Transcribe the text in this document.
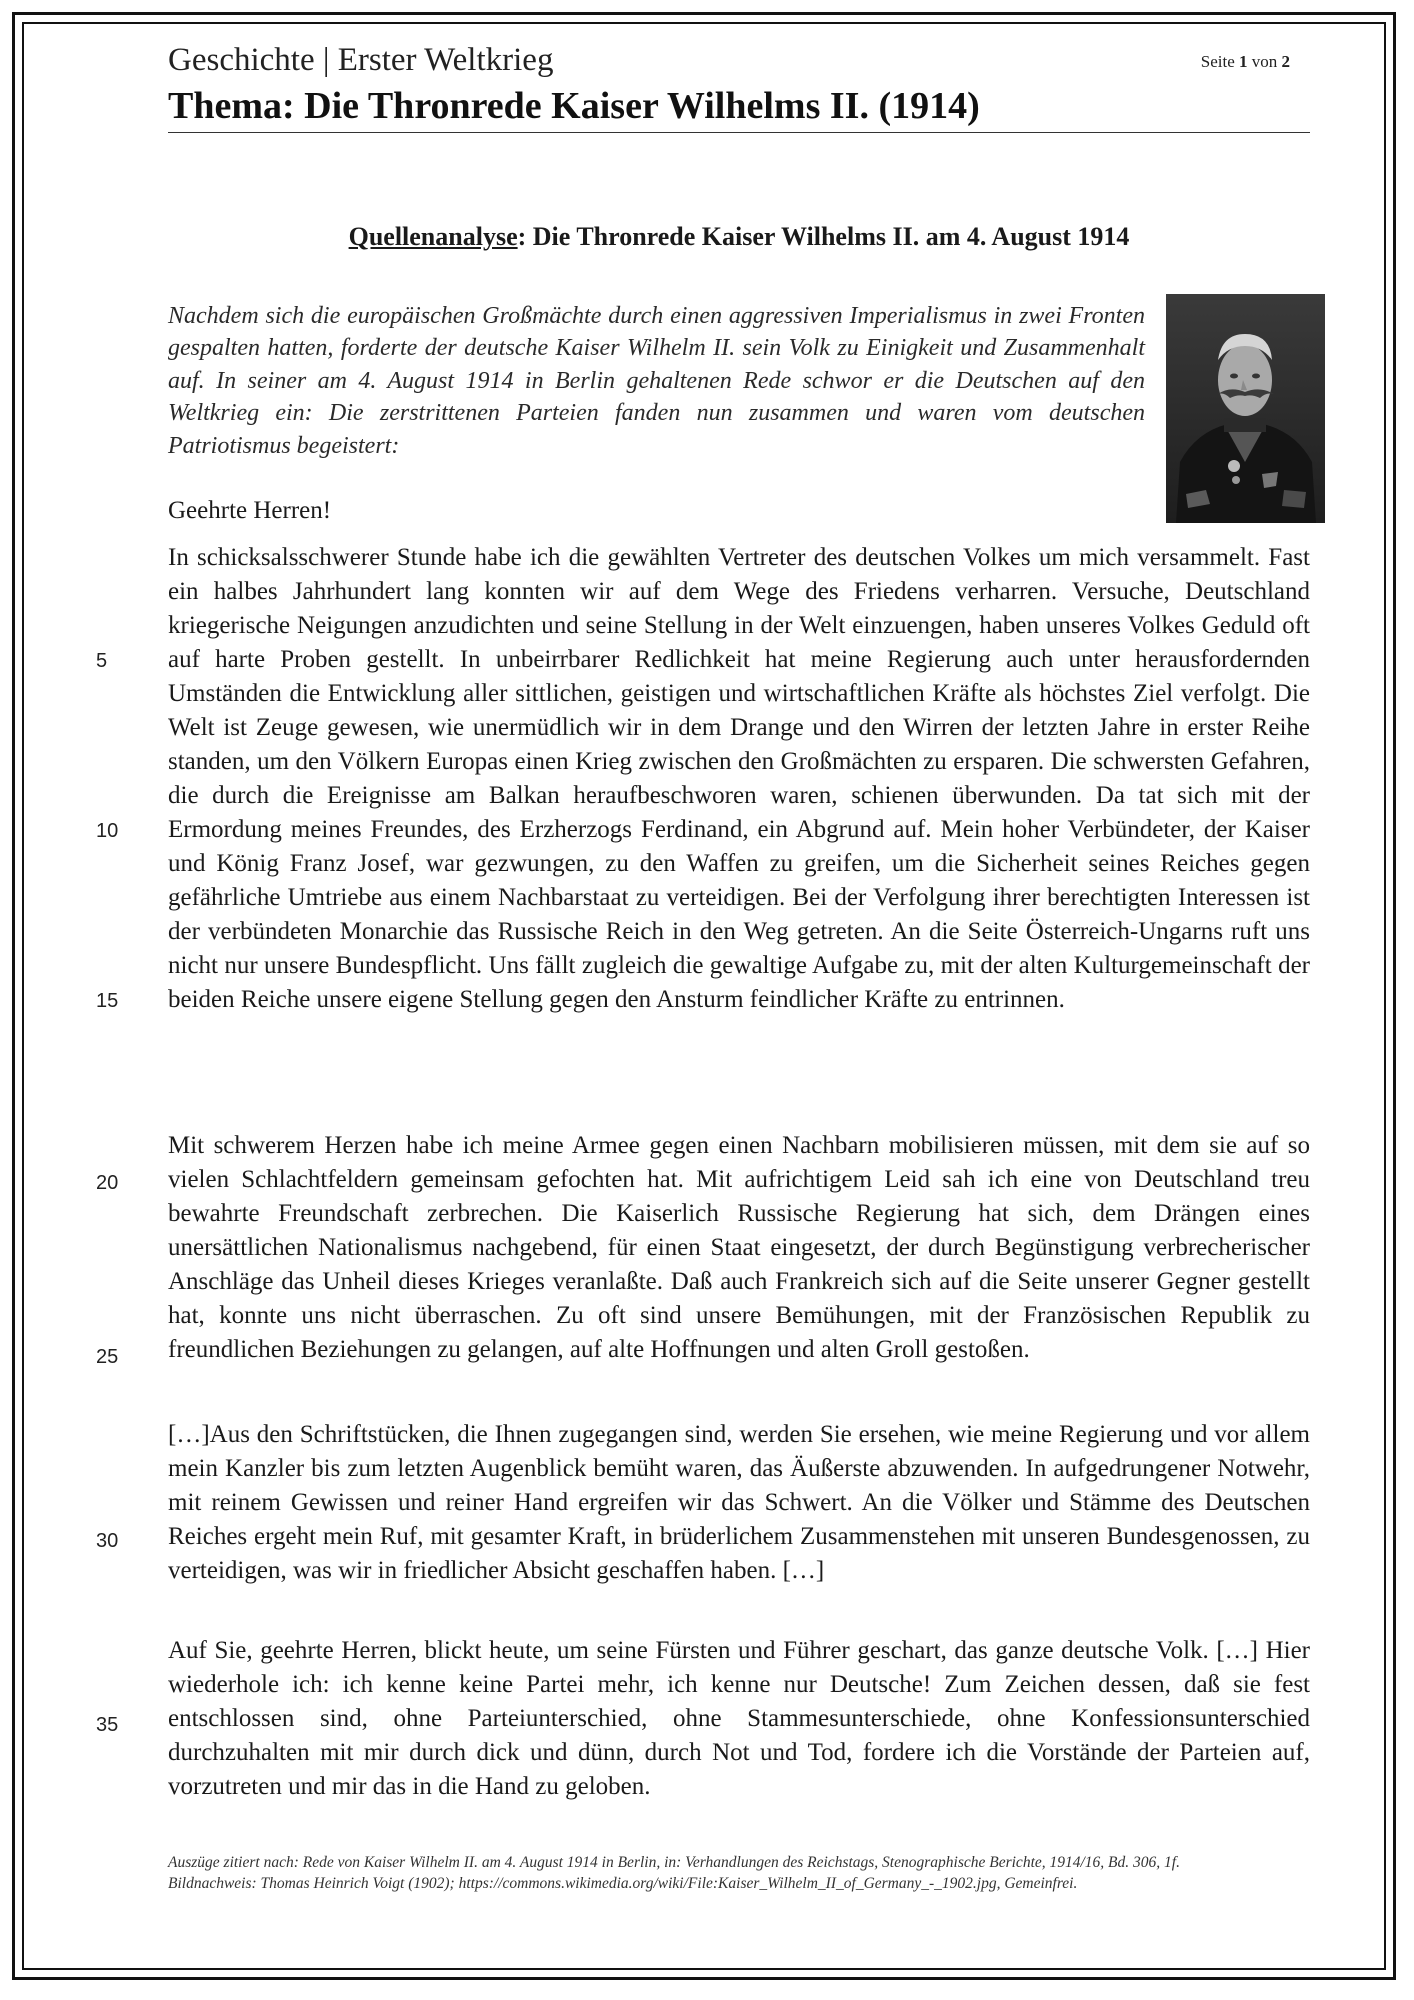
Geschichte | Erster Weltkrieg	Seite 1 von 2
Thema: Die Thronrede Kaiser Wilhelms II. (1914)
Quellenanalyse: Die Thronrede Kaiser Wilhelms II. am 4. August 1914
Nachdem sich die europäischen Großmächte durch einen aggressiven Imperialismus in zwei Fronten gespalten hatten, forderte der deutsche Kaiser Wilhelm II. sein Volk zu Einigkeit und Zusammenhalt auf. In seiner am 4. August 1914 in Berlin gehaltenen Rede schwor er die Deutschen auf den Weltkrieg ein: Die zerstrittenen Parteien fanden nun zusammen und waren vom deutschen Patriotismus begeistert:
Geehrte Herren!
In schicksalsschwerer Stunde habe ich die gewählten Vertreter des deutschen Volkes um mich versammelt. Fast ein halbes Jahrhundert lang konnten wir auf dem Wege des Friedens verharren. Versuche, Deutschland kriegerische Neigungen anzudichten und seine Stellung in der Welt einzuengen, haben unseres Volkes Geduld oft auf harte Proben gestellt. In unbeirrbarer Redlichkeit hat meine Regierung auch unter herausfordernden Umständen die Entwicklung aller sittlichen, geistigen und wirtschaftlichen Kräfte als höchstes Ziel verfolgt. Die Welt ist Zeuge gewesen, wie unermüdlich wir in dem Drange und den Wirren der letzten Jahre in erster Reihe standen, um den Völkern Europas einen Krieg zwischen den Großmächten zu ersparen. Die schwersten Gefahren, die durch die Ereignisse am Balkan heraufbeschworen waren, schienen überwunden. Da tat sich mit der Ermordung meines Freundes, des Erzherzogs Ferdinand, ein Abgrund auf. Mein hoher Verbündeter, der Kaiser und König Franz Josef, war gezwungen, zu den Waffen zu greifen, um die Sicherheit seines Reiches gegen gefährliche Umtriebe aus einem Nachbarstaat zu verteidigen. Bei der Verfolgung ihrer berechtigten Interessen ist der verbündeten Monarchie das Russische Reich in den Weg getreten. An die Seite Österreich-Ungarns ruft uns nicht nur unsere Bundespflicht. Uns fällt zugleich die gewaltige Aufgabe zu, mit der alten Kulturgemeinschaft der beiden Reiche unsere eigene Stellung gegen den Ansturm feindlicher Kräfte zu entrinnen.
Mit schwerem Herzen habe ich meine Armee gegen einen Nachbarn mobilisieren müssen, mit dem sie auf so vielen Schlachtfeldern gemeinsam gefochten hat. Mit aufrichtigem Leid sah ich eine von Deutschland treu bewahrte Freundschaft zerbrechen. Die Kaiserlich Russische Regierung hat sich, dem Drängen eines unersättlichen Nationalismus nachgebend, für einen Staat eingesetzt, der durch Begünstigung verbrecherischer Anschläge das Unheil dieses Krieges veranlaßte. Daß auch Frankreich sich auf die Seite unserer Gegner gestellt hat, konnte uns nicht überraschen. Zu oft sind unsere Bemühungen, mit der Französischen Republik zu freundlichen Beziehungen zu gelangen, auf alte Hoffnungen und alten Groll gestoßen.
[…]Aus den Schriftstücken, die Ihnen zugegangen sind, werden Sie ersehen, wie meine Regierung und vor allem mein Kanzler bis zum letzten Augenblick bemüht waren, das Äußerste abzuwenden. In aufgedrungener Notwehr, mit reinem Gewissen und reiner Hand ergreifen wir das Schwert. An die Völker und Stämme des Deutschen Reiches ergeht mein Ruf, mit gesamter Kraft, in brüderlichem Zusammenstehen mit unseren Bundesgenossen, zu verteidigen, was wir in friedlicher Absicht geschaffen haben. […]
Auf Sie, geehrte Herren, blickt heute, um seine Fürsten und Führer geschart, das ganze deutsche Volk. […] Hier wiederhole ich: ich kenne keine Partei mehr, ich kenne nur Deutsche! Zum Zeichen dessen, daß sie fest entschlossen sind, ohne Parteiunterschied, ohne Stammesunterschiede, ohne Konfessionsunterschied durchzuhalten mit mir durch dick und dünn, durch Not und Tod, fordere ich die Vorstände der Parteien auf, vorzutreten und mir das in die Hand zu geloben.
5
10
15
20
25
30
35
Auszüge zitiert nach: Rede von Kaiser Wilhelm II. am 4. August 1914 in Berlin, in: Verhandlungen des Reichstags, Stenographische Berichte, 1914/16, Bd. 306, 1f.
Bildnachweis: Thomas Heinrich Voigt (1902); https://commons.wikimedia.org/wiki/File:Kaiser_Wilhelm_II_of_Germany_-_1902.jpg, Gemeinfrei.
